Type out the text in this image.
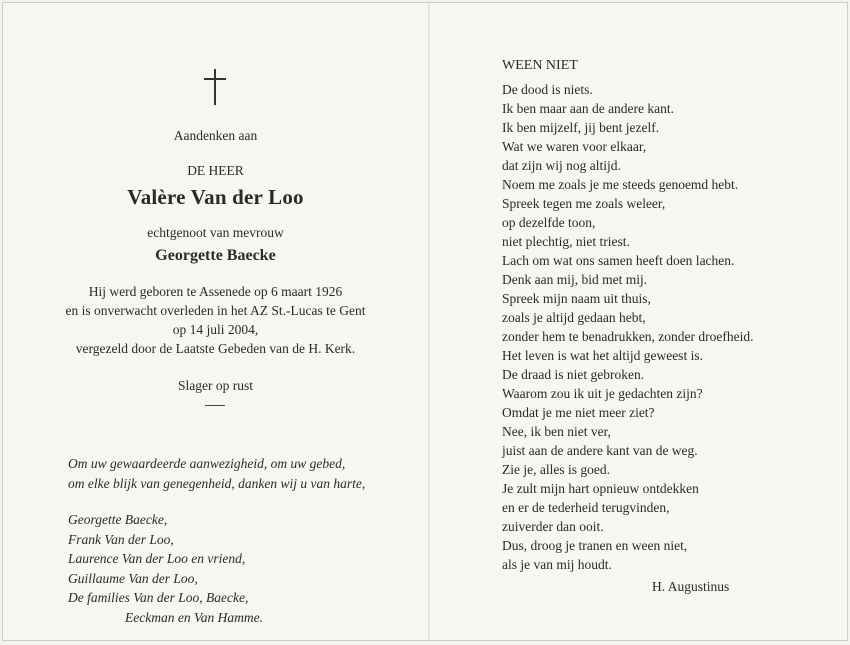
Aandenken aan
DE HEER
Valère Van der Loo
echtgenoot van mevrouw
Georgette Baecke
Hij werd geboren te Assenede op 6 maart 1926
en is onverwacht overleden in het AZ St.-Lucas te Gent
op 14 juli 2004,
vergezeld door de Laatste Gebeden van de H. Kerk.
Slager op rust
Om uw gewaardeerde aanwezigheid, om uw gebed,
om elke blijk van genegenheid, danken wij u van harte,
Georgette Baecke,
Frank Van der Loo,
Laurence Van der Loo en vriend,
Guillaume Van der Loo,
De families Van der Loo, Baecke,
Eeckman en Van Hamme.
WEEN NIET
De dood is niets.
Ik ben maar aan de andere kant.
Ik ben mijzelf, jij bent jezelf.
Wat we waren voor elkaar,
dat zijn wij nog altijd.
Noem me zoals je me steeds genoemd hebt.
Spreek tegen me zoals weleer,
op dezelfde toon,
niet plechtig, niet triest.
Lach om wat ons samen heeft doen lachen.
Denk aan mij, bid met mij.
Spreek mijn naam uit thuis,
zoals je altijd gedaan hebt,
zonder hem te benadrukken, zonder droefheid.
Het leven is wat het altijd geweest is.
De draad is niet gebroken.
Waarom zou ik uit je gedachten zijn?
Omdat je me niet meer ziet?
Nee, ik ben niet ver,
juist aan de andere kant van de weg.
Zie je, alles is goed.
Je zult mijn hart opnieuw ontdekken
en er de tederheid terugvinden,
zuiverder dan ooit.
Dus, droog je tranen en ween niet,
als je van mij houdt.
H. Augustinus
